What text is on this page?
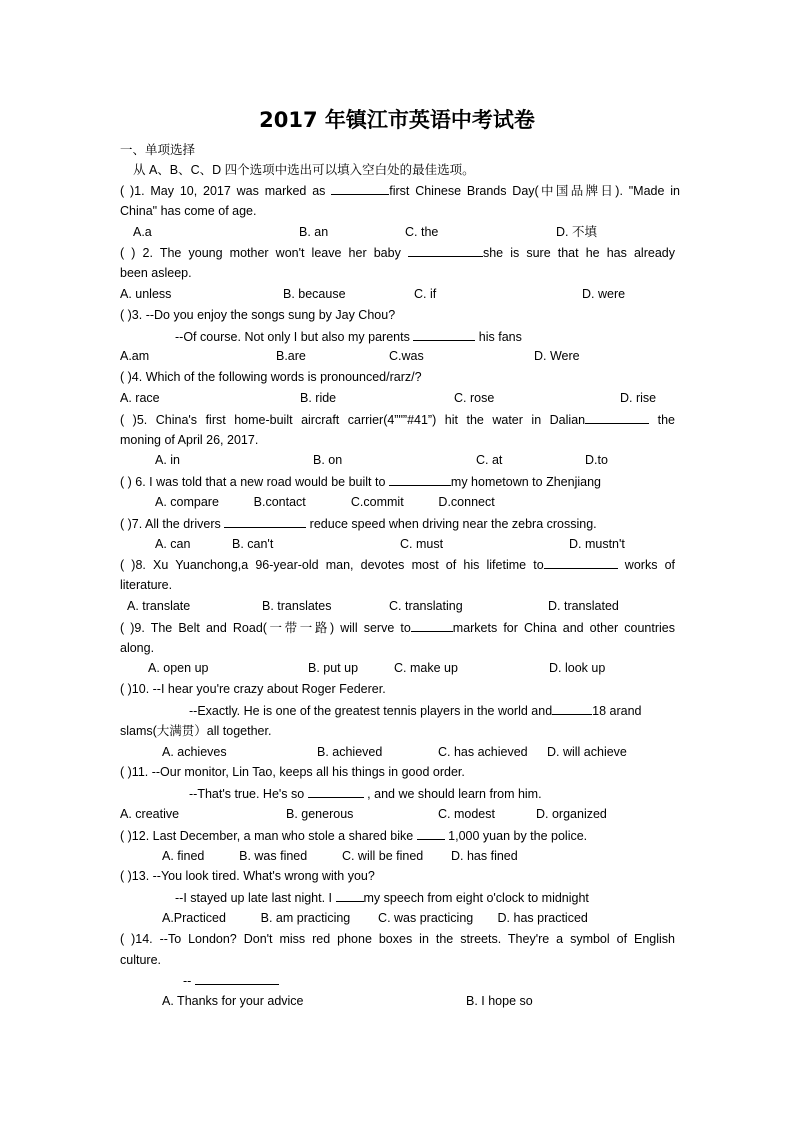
2017 年镇江市英语中考试卷
一、单项选择
从 A、B、C、D 四个选项中选出可以填入空白处的最佳选项。
( )1. May 10, 2017 was marked as	first Chinese Brands Day(中国品牌日). "Made in
China" has come of age.
A.a	B. an	C. the	D. 不填
( ) 2. The young mother won't leave her baby	she is sure that he has already
been asleep.
A. unless	B. because	C. if	D. were
( )3. --Do you enjoy the songs sung by Jay Chou?
--Of course. Not only I but also my parents	his fans
A.am	B.are	C.was	D. Were
( )4. Which of the following words is pronounced/rarz/?
A. race	B. ride	C. rose	D. rise
( )5. China's first home-built aircraft carrier(4”"”#41”) hit the water in Dalian	the
moning of April 26, 2017.
A. in	B. on	C. at	D.to
( ) 6. I was told that a new road would be built to	my hometown to Zhenjiang
A. compare          B.contact             C.commit          D.connect
( )7. All the drivers	reduce speed when driving near the zebra crossing.
A. can	B. can't	C. must	D. mustn't
( )8. Xu Yuanchong,a 96-year-old man, devotes most of his lifetime to	works of
literature.
A. translate	B. translates	C. translating	D. translated
( )9. The Belt and Road(一带一路) will serve to	markets for China and other countries
along.
A. open up	B. put up	C. make up	D. look up
( )10. --I hear you're crazy about Roger Federer.
--Exactly. He is one of the greatest tennis players in the world and	18 arand
slams(大满贯）all together.
A. achieves	B. achieved	C. has achieved D. will achieve
( )11. --Our monitor, Lin Tao, keeps all his things in good order.
--That's true. He's so	, and we should learn from him.
A. creative	B. generous	C. modest	D. organized
( )12. Last December, a man who stole a shared bike  1,000 yuan by the police.
A. fined          B. was fined          C. will be fined        D. has fined
( )13. --You look tired. What's wrong with you?
--I stayed up late last night. I my speech from eight o'clock to midnight
A.Practiced          B. am practicing        C. was practicing       D. has practiced
( )14. --To London? Don't miss red phone boxes in the streets. They're a symbol of English
culture.
--
A. Thanks for your advice	B. I hope so
